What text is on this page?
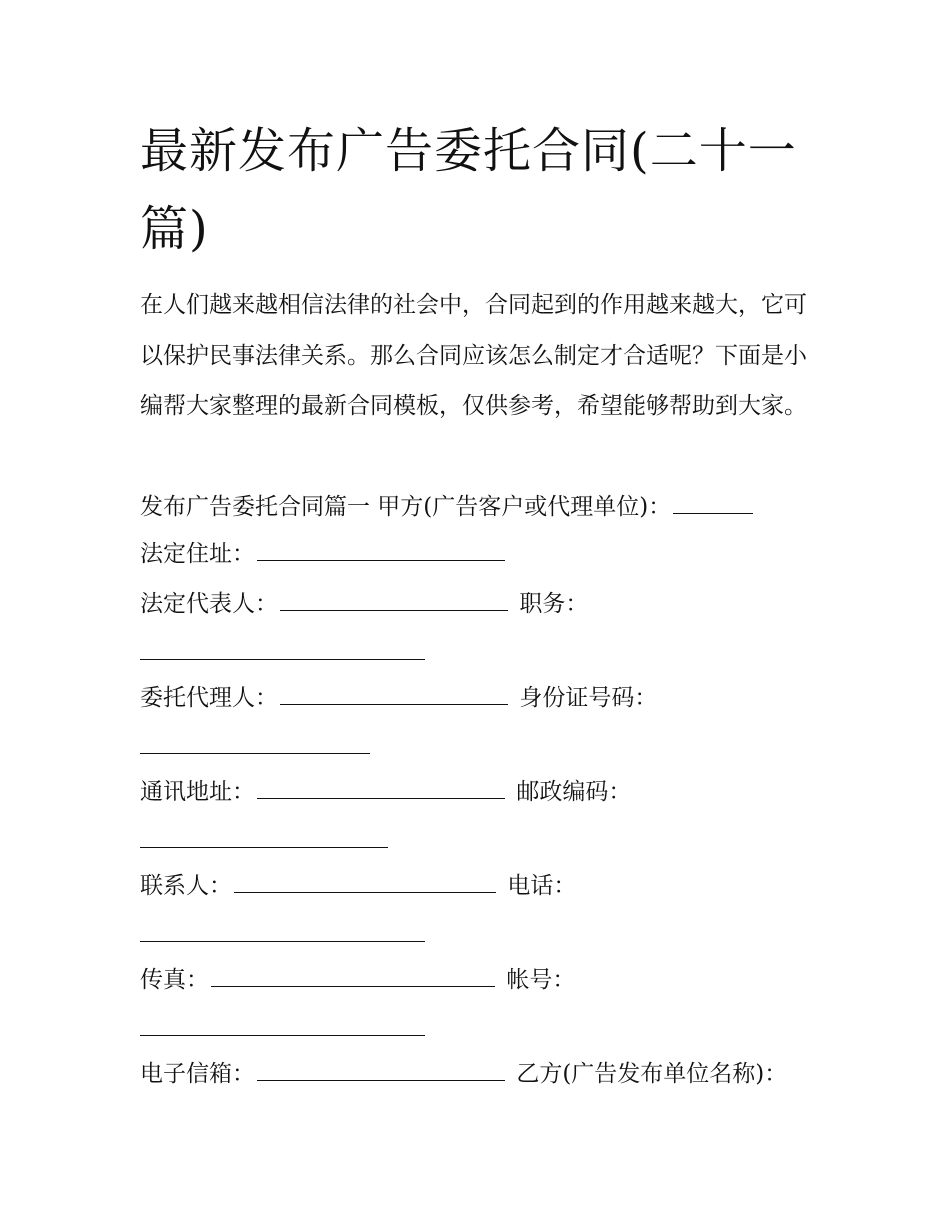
最新发布广告委托合同(二十一篇)

在人们越来越相信法律的社会中，合同起到的作用越来越大，它可以保护民事法律关系。那么合同应该怎么制定才合适呢？下面是小编帮大家整理的最新合同模板，仅供参考，希望能够帮助到大家。

发布广告委托合同篇一 甲方(广告客户或代理单位)：
法定住址：
法定代表人：	职务：
委托代理人：	身份证号码：
通讯地址：	邮政编码：
联系人：	电话：
传真：	帐号：
电子信箱：	乙方(广告发布单位名称)：
